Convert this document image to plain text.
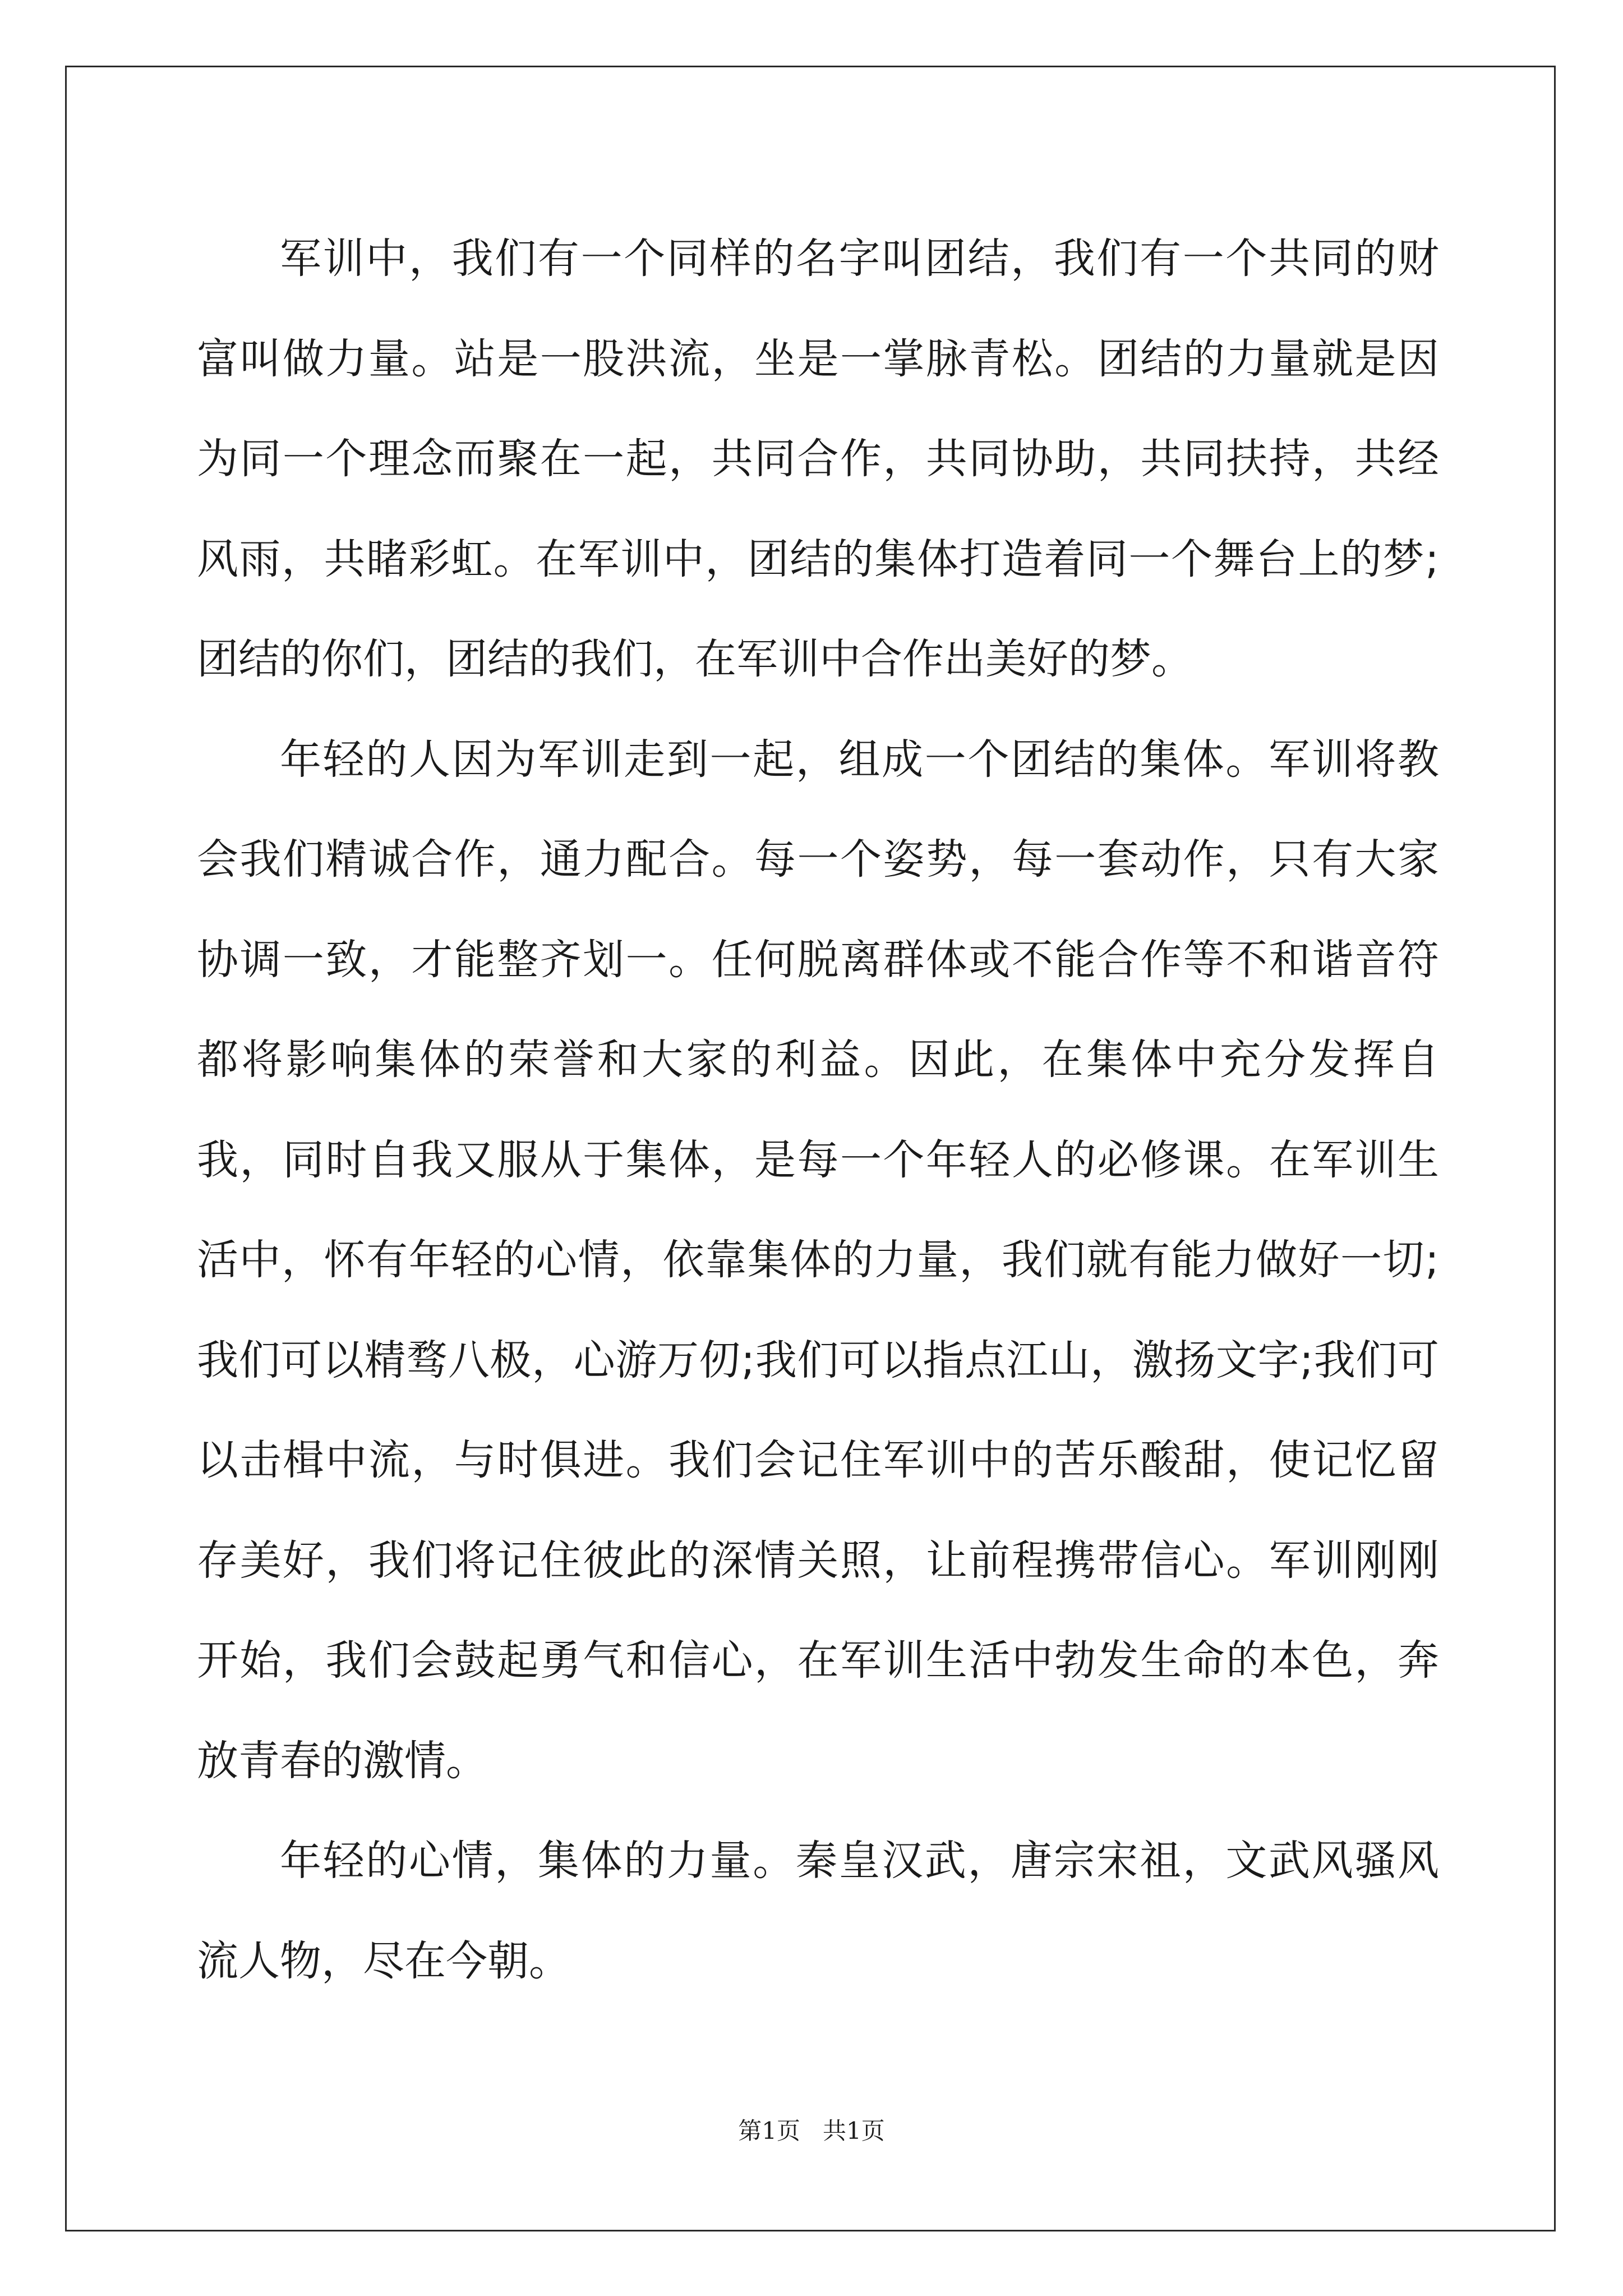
军训中，我们有一个同样的名字叫团结，我们有一个共同的财富叫做力量。站是一股洪流，坐是一掌脉青松。团结的力量就是因为同一个理念而聚在一起，共同合作，共同协助，共同扶持，共经风雨，共睹彩虹。在军训中，团结的集体打造着同一个舞台上的梦;团结的你们，团结的我们，在军训中合作出美好的梦。

年轻的人因为军训走到一起，组成一个团结的集体。军训将教会我们精诚合作，通力配合。每一个姿势，每一套动作，只有大家协调一致，才能整齐划一。任何脱离群体或不能合作等不和谐音符都将影响集体的荣誉和大家的利益。因此，在集体中充分发挥自我，同时自我又服从于集体，是每一个年轻人的必修课。在军训生活中，怀有年轻的心情，依靠集体的力量，我们就有能力做好一切;我们可以精骛八极，心游万仞;我们可以指点江山，激扬文字;我们可以击楫中流，与时俱进。我们会记住军训中的苦乐酸甜，使记忆留存美好，我们将记住彼此的深情关照，让前程携带信心。军训刚刚开始，我们会鼓起勇气和信心，在军训生活中勃发生命的本色，奔放青春的激情。

年轻的心情，集体的力量。秦皇汉武，唐宗宋祖，文武风骚风流人物，尽在今朝。

第1页   共1页
